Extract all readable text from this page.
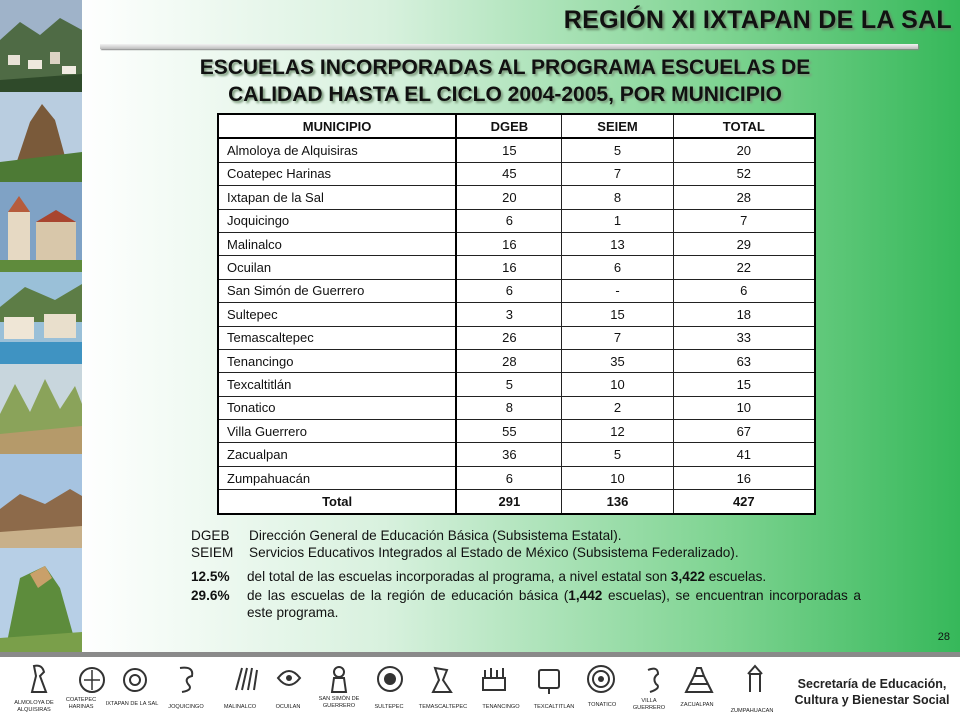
REGIÓN XI IXTAPAN DE LA SAL
ESCUELAS INCORPORADAS AL PROGRAMA ESCUELAS DE
CALIDAD HASTA EL CICLO 2004-2005, POR MUNICIPIO
MUNICIPIO	DGEB	SEIEM	TOTAL
Almoloya de Alquisiras	15	5	20
Coatepec Harinas	45	7	52
Ixtapan de la Sal	20	8	28
Joquicingo	6	1	7
Malinalco	16	13	29
Ocuilan	16	6	22
San Simón de Guerrero	6	-	6
Sultepec	3	15	18
Temascaltepec	26	7	33
Tenancingo	28	35	63
Texcaltitlán	5	10	15
Tonatico	8	2	10
Villa Guerrero	55	12	67
Zacualpan	36	5	41
Zumpahuacán	6	10	16
Total	291	136	427
DGEB Dirección General de Educación Básica (Subsistema Estatal).
SEIEM Servicios Educativos Integrados al Estado de México (Subsistema Federalizado).
12.5% del total de las escuelas incorporadas al programa, a nivel estatal son 3,422 escuelas.
29.6% de las escuelas de la región de educación básica (1,442 escuelas), se encuentran incorporadas a este programa.
28
ALMOLOYA DE ALQUISIRAS
COATEPEC HARINAS	IXTAPAN DE LA SAL	JOQUICINGO	MALINALCO	OCUILAN
SAN SIMÓN DE GUERRERO	SULTEPEC	TEMASCALTEPEC	TENANCINGO	TEXCALTITLAN	TONATICO
VILLA GUERRERO	ZACUALPAN
ZUMPAHUACAN
Secretaría de Educación,
Cultura y Bienestar Social
